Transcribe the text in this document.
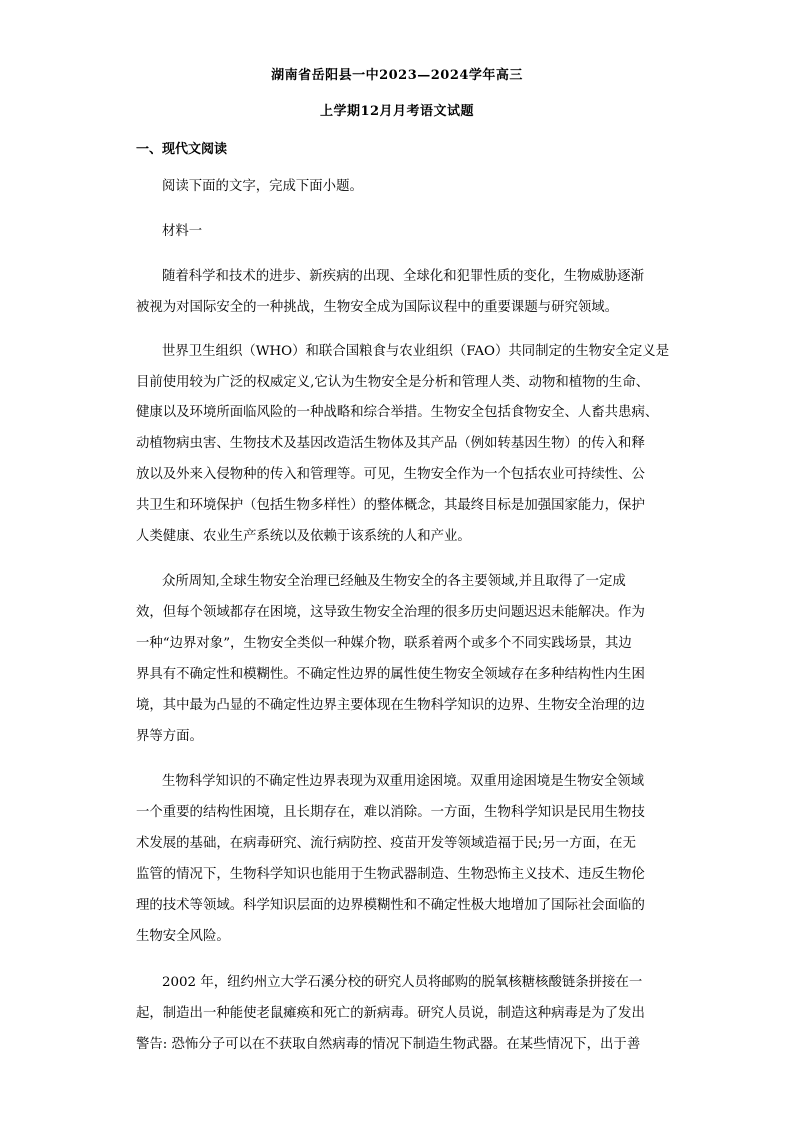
湖南省岳阳县一中2023—2024学年高三
上学期12月月考语文试题
一、现代文阅读
阅读下面的文字，完成下面小题。
材料一
随着科学和技术的进步、新疾病的出现、全球化和犯罪性质的变化，生物威胁逐渐
被视为对国际安全的一种挑战，生物安全成为国际议程中的重要课题与研究领域。
世界卫生组织（WHO）和联合国粮食与农业组织（FAO）共同制定的生物安全定义是
目前使用较为广泛的权威定义,它认为生物安全是分析和管理人类、动物和植物的生命、
健康以及环境所面临风险的一种战略和综合举措。生物安全包括食物安全、人畜共患病、
动植物病虫害、生物技术及基因改造活生物体及其产品（例如转基因生物）的传入和释
放以及外来入侵物种的传入和管理等。可见，生物安全作为一个包括农业可持续性、公
共卫生和环境保护（包括生物多样性）的整体概念，其最终目标是加强国家能力，保护
人类健康、农业生产系统以及依赖于该系统的人和产业。
众所周知,全球生物安全治理已经触及生物安全的各主要领域,并且取得了一定成
效，但每个领域都存在困境，这导致生物安全治理的很多历史问题迟迟未能解决。作为
一种“边界对象”，生物安全类似一种媒介物，联系着两个或多个不同实践场景，其边
界具有不确定性和模糊性。不确定性边界的属性使生物安全领域存在多种结构性内生困
境，其中最为凸显的不确定性边界主要体现在生物科学知识的边界、生物安全治理的边
界等方面。
生物科学知识的不确定性边界表现为双重用途困境。双重用途困境是生物安全领域
一个重要的结构性困境，且长期存在，难以消除。一方面，生物科学知识是民用生物技
术发展的基础，在病毒研究、流行病防控、疫苗开发等领域造福于民;另一方面，在无
监管的情况下，生物科学知识也能用于生物武器制造、生物恐怖主义技术、违反生物伦
理的技术等领域。科学知识层面的边界模糊性和不确定性极大地增加了国际社会面临的
生物安全风险。
2002 年，纽约州立大学石溪分校的研究人员将邮购的脱氧核糖核酸链条拼接在一
起，制造出一种能使老鼠瘫痪和死亡的新病毒。研究人员说，制造这种病毒是为了发出
警告: 恐怖分子可以在不获取自然病毒的情况下制造生物武器。在某些情况下，出于善
